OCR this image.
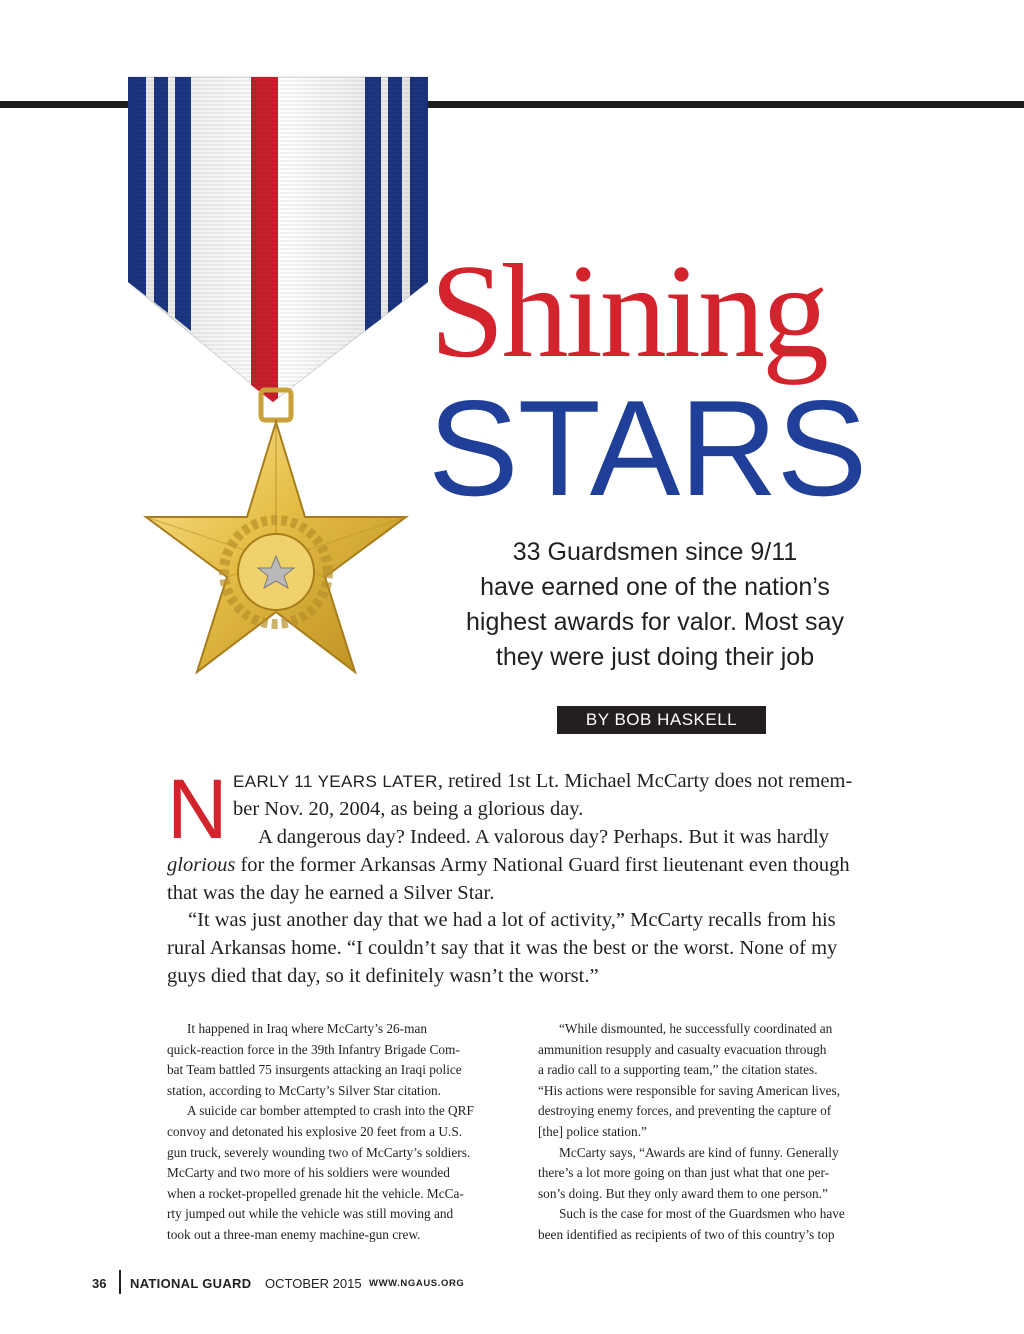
Shining
STARS
33 Guardsmen since 9/11
have earned one of the nation’s
highest awards for valor. Most say
they were just doing their job
BY BOB HASKELL
N EARLY 11 YEARS LATER, retired 1st Lt. Michael McCarty does not remem-
ber Nov. 20, 2004, as being a glorious day.
A dangerous day? Indeed. A valorous day? Perhaps. But it was hardly
glorious for the former Arkansas Army National Guard first lieutenant even though
that was the day he earned a Silver Star.
“It was just another day that we had a lot of activity,” McCarty recalls from his
rural Arkansas home. “I couldn’t say that it was the best or the worst. None of my
guys died that day, so it definitely wasn’t the worst.”
It happened in Iraq where McCarty’s 26-man
quick-reaction force in the 39th Infantry Brigade Com-
bat Team battled 75 insurgents attacking an Iraqi police
station, according to McCarty’s Silver Star citation.
A suicide car bomber attempted to crash into the QRF
convoy and detonated his explosive 20 feet from a U.S.
gun truck, severely wounding two of McCarty’s soldiers.
McCarty and two more of his soldiers were wounded
when a rocket-propelled grenade hit the vehicle. McCa-
rty jumped out while the vehicle was still moving and
took out a three-man enemy machine-gun crew.
“While dismounted, he successfully coordinated an
ammunition resupply and casualty evacuation through
a radio call to a supporting team,” the citation states.
“His actions were responsible for saving American lives,
destroying enemy forces, and preventing the capture of
[the] police station.”
McCarty says, “Awards are kind of funny. Generally
there’s a lot more going on than just what that one per-
son’s doing. But they only award them to one person.”
Such is the case for most of the Guardsmen who have
been identified as recipients of two of this country’s top
36 NATIONAL GUARD OCTOBER 2015 WWW.NGAUS.ORG
